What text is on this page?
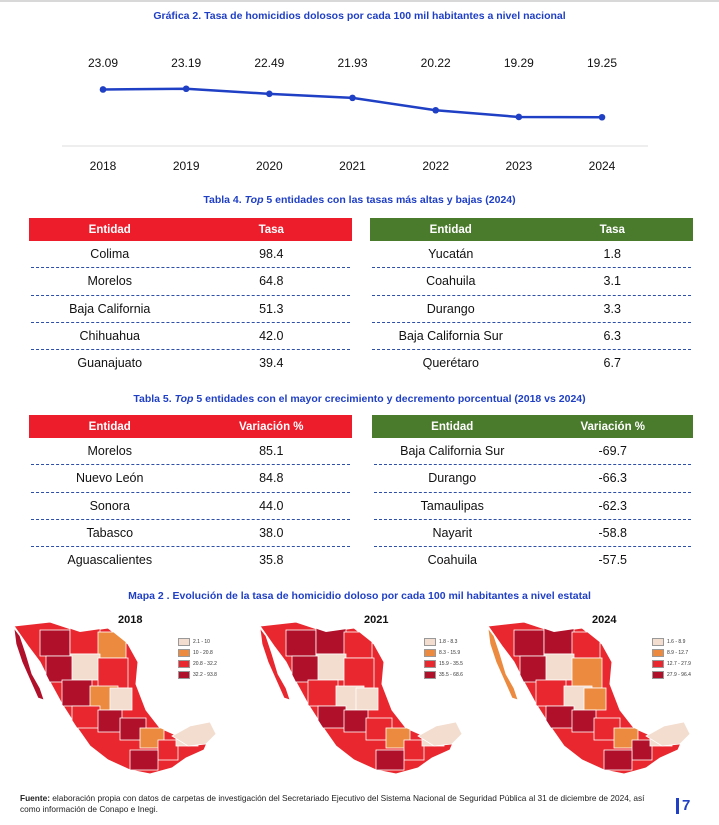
Gráfica 2. Tasa de homicidios dolosos por cada 100 mil habitantes a nivel nacional
23.09
2018
23.19
2019
22.49
2020
21.93
2021
20.22
2022
19.29
2023
19.25
2024
Tabla 4. Top 5 entidades con las tasas más altas y bajas (2024)
Entidad	Tasa
Colima	98.4
Morelos	64.8
Baja California	51.3
Chihuahua	42.0
Guanajuato	39.4
Entidad	Tasa
Yucatán	1.8
Coahuila	3.1
Durango	3.3
Baja California Sur	6.3
Querétaro	6.7
Tabla 5. Top 5 entidades con el mayor crecimiento y decremento porcentual (2018 vs 2024)
Entidad	Variación %
Morelos	85.1
Nuevo León	84.8
Sonora	44.0
Tabasco	38.0
Aguascalientes	35.8
Entidad	Variación %
Baja California Sur	-69.7
Durango	-66.3
Tamaulipas	-62.3
Nayarit	-58.8
Coahuila	-57.5
Mapa 2 . Evolución de la tasa de homicidio doloso por cada 100 mil habitantes a nivel estatal
2018
2.1 - 10
10 - 20.8
20.8 - 32.2
32.2 - 93.8
2021
1.8 - 8.3
8.3 - 15.9
15.9 - 35.5
35.5 - 68.6
2024
1.6 - 8.9
8.9 - 12.7
12.7 - 27.9
27.9 - 96.4
Fuente: elaboración propia con datos de carpetas de investigación del Secretariado Ejecutivo del Sistema Nacional de Seguridad Pública al 31 de diciembre de 2024, así como información de Conapo e Inegi.	7
